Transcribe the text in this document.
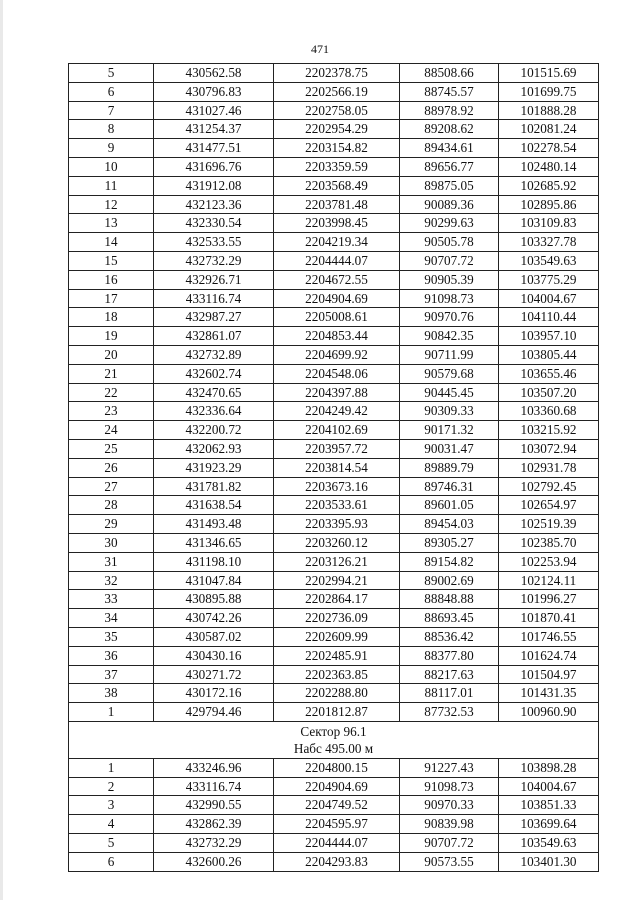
471
5	430562.58	2202378.75	88508.66	101515.69
6	430796.83	2202566.19	88745.57	101699.75
7	431027.46	2202758.05	88978.92	101888.28
8	431254.37	2202954.29	89208.62	102081.24
9	431477.51	2203154.82	89434.61	102278.54
10	431696.76	2203359.59	89656.77	102480.14
11	431912.08	2203568.49	89875.05	102685.92
12	432123.36	2203781.48	90089.36	102895.86
13	432330.54	2203998.45	90299.63	103109.83
14	432533.55	2204219.34	90505.78	103327.78
15	432732.29	2204444.07	90707.72	103549.63
16	432926.71	2204672.55	90905.39	103775.29
17	433116.74	2204904.69	91098.73	104004.67
18	432987.27	2205008.61	90970.76	104110.44
19	432861.07	2204853.44	90842.35	103957.10
20	432732.89	2204699.92	90711.99	103805.44
21	432602.74	2204548.06	90579.68	103655.46
22	432470.65	2204397.88	90445.45	103507.20
23	432336.64	2204249.42	90309.33	103360.68
24	432200.72	2204102.69	90171.32	103215.92
25	432062.93	2203957.72	90031.47	103072.94
26	431923.29	2203814.54	89889.79	102931.78
27	431781.82	2203673.16	89746.31	102792.45
28	431638.54	2203533.61	89601.05	102654.97
29	431493.48	2203395.93	89454.03	102519.39
30	431346.65	2203260.12	89305.27	102385.70
31	431198.10	2203126.21	89154.82	102253.94
32	431047.84	2202994.21	89002.69	102124.11
33	430895.88	2202864.17	88848.88	101996.27
34	430742.26	2202736.09	88693.45	101870.41
35	430587.02	2202609.99	88536.42	101746.55
36	430430.16	2202485.91	88377.80	101624.74
37	430271.72	2202363.85	88217.63	101504.97
38	430172.16	2202288.80	88117.01	101431.35
1	429794.46	2201812.87	87732.53	100960.90

Сектор 96.1
Набс 495.00 м				

1	433246.96	2204800.15	91227.43	103898.28
2	433116.74	2204904.69	91098.73	104004.67
3	432990.55	2204749.52	90970.33	103851.33
4	432862.39	2204595.97	90839.98	103699.64
5	432732.29	2204444.07	90707.72	103549.63
6	432600.26	2204293.83	90573.55	103401.30
